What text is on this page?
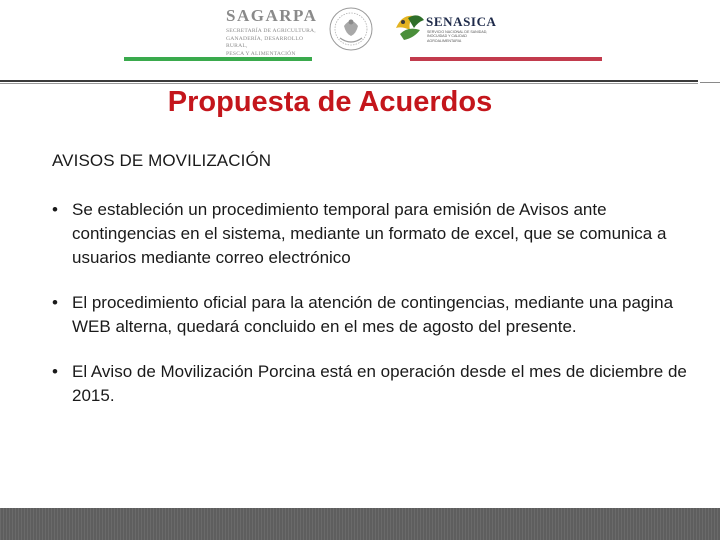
SAGARPA
SECRETARÍA DE AGRICULTURA,
GANADERÍA, DESARROLLO RURAL,
PESCA Y ALIMENTACIÓN
SENASICA
SERVICIO NACIONAL DE SANIDAD,
INOCUIDAD Y CALIDAD
AGROALIMENTARIA
Propuesta de Acuerdos
AVISOS DE MOVILIZACIÓN
• Se estableción un procedimiento temporal para emisión de Avisos ante contingencias en el sistema, mediante un formato de excel, que se comunica a usuarios mediante correo electrónico
• El procedimiento oficial para la atención de contingencias, mediante una pagina WEB alterna, quedará concluido en el mes de agosto del presente.
• El Aviso de Movilización Porcina está en operación desde el mes de diciembre de 2015.
